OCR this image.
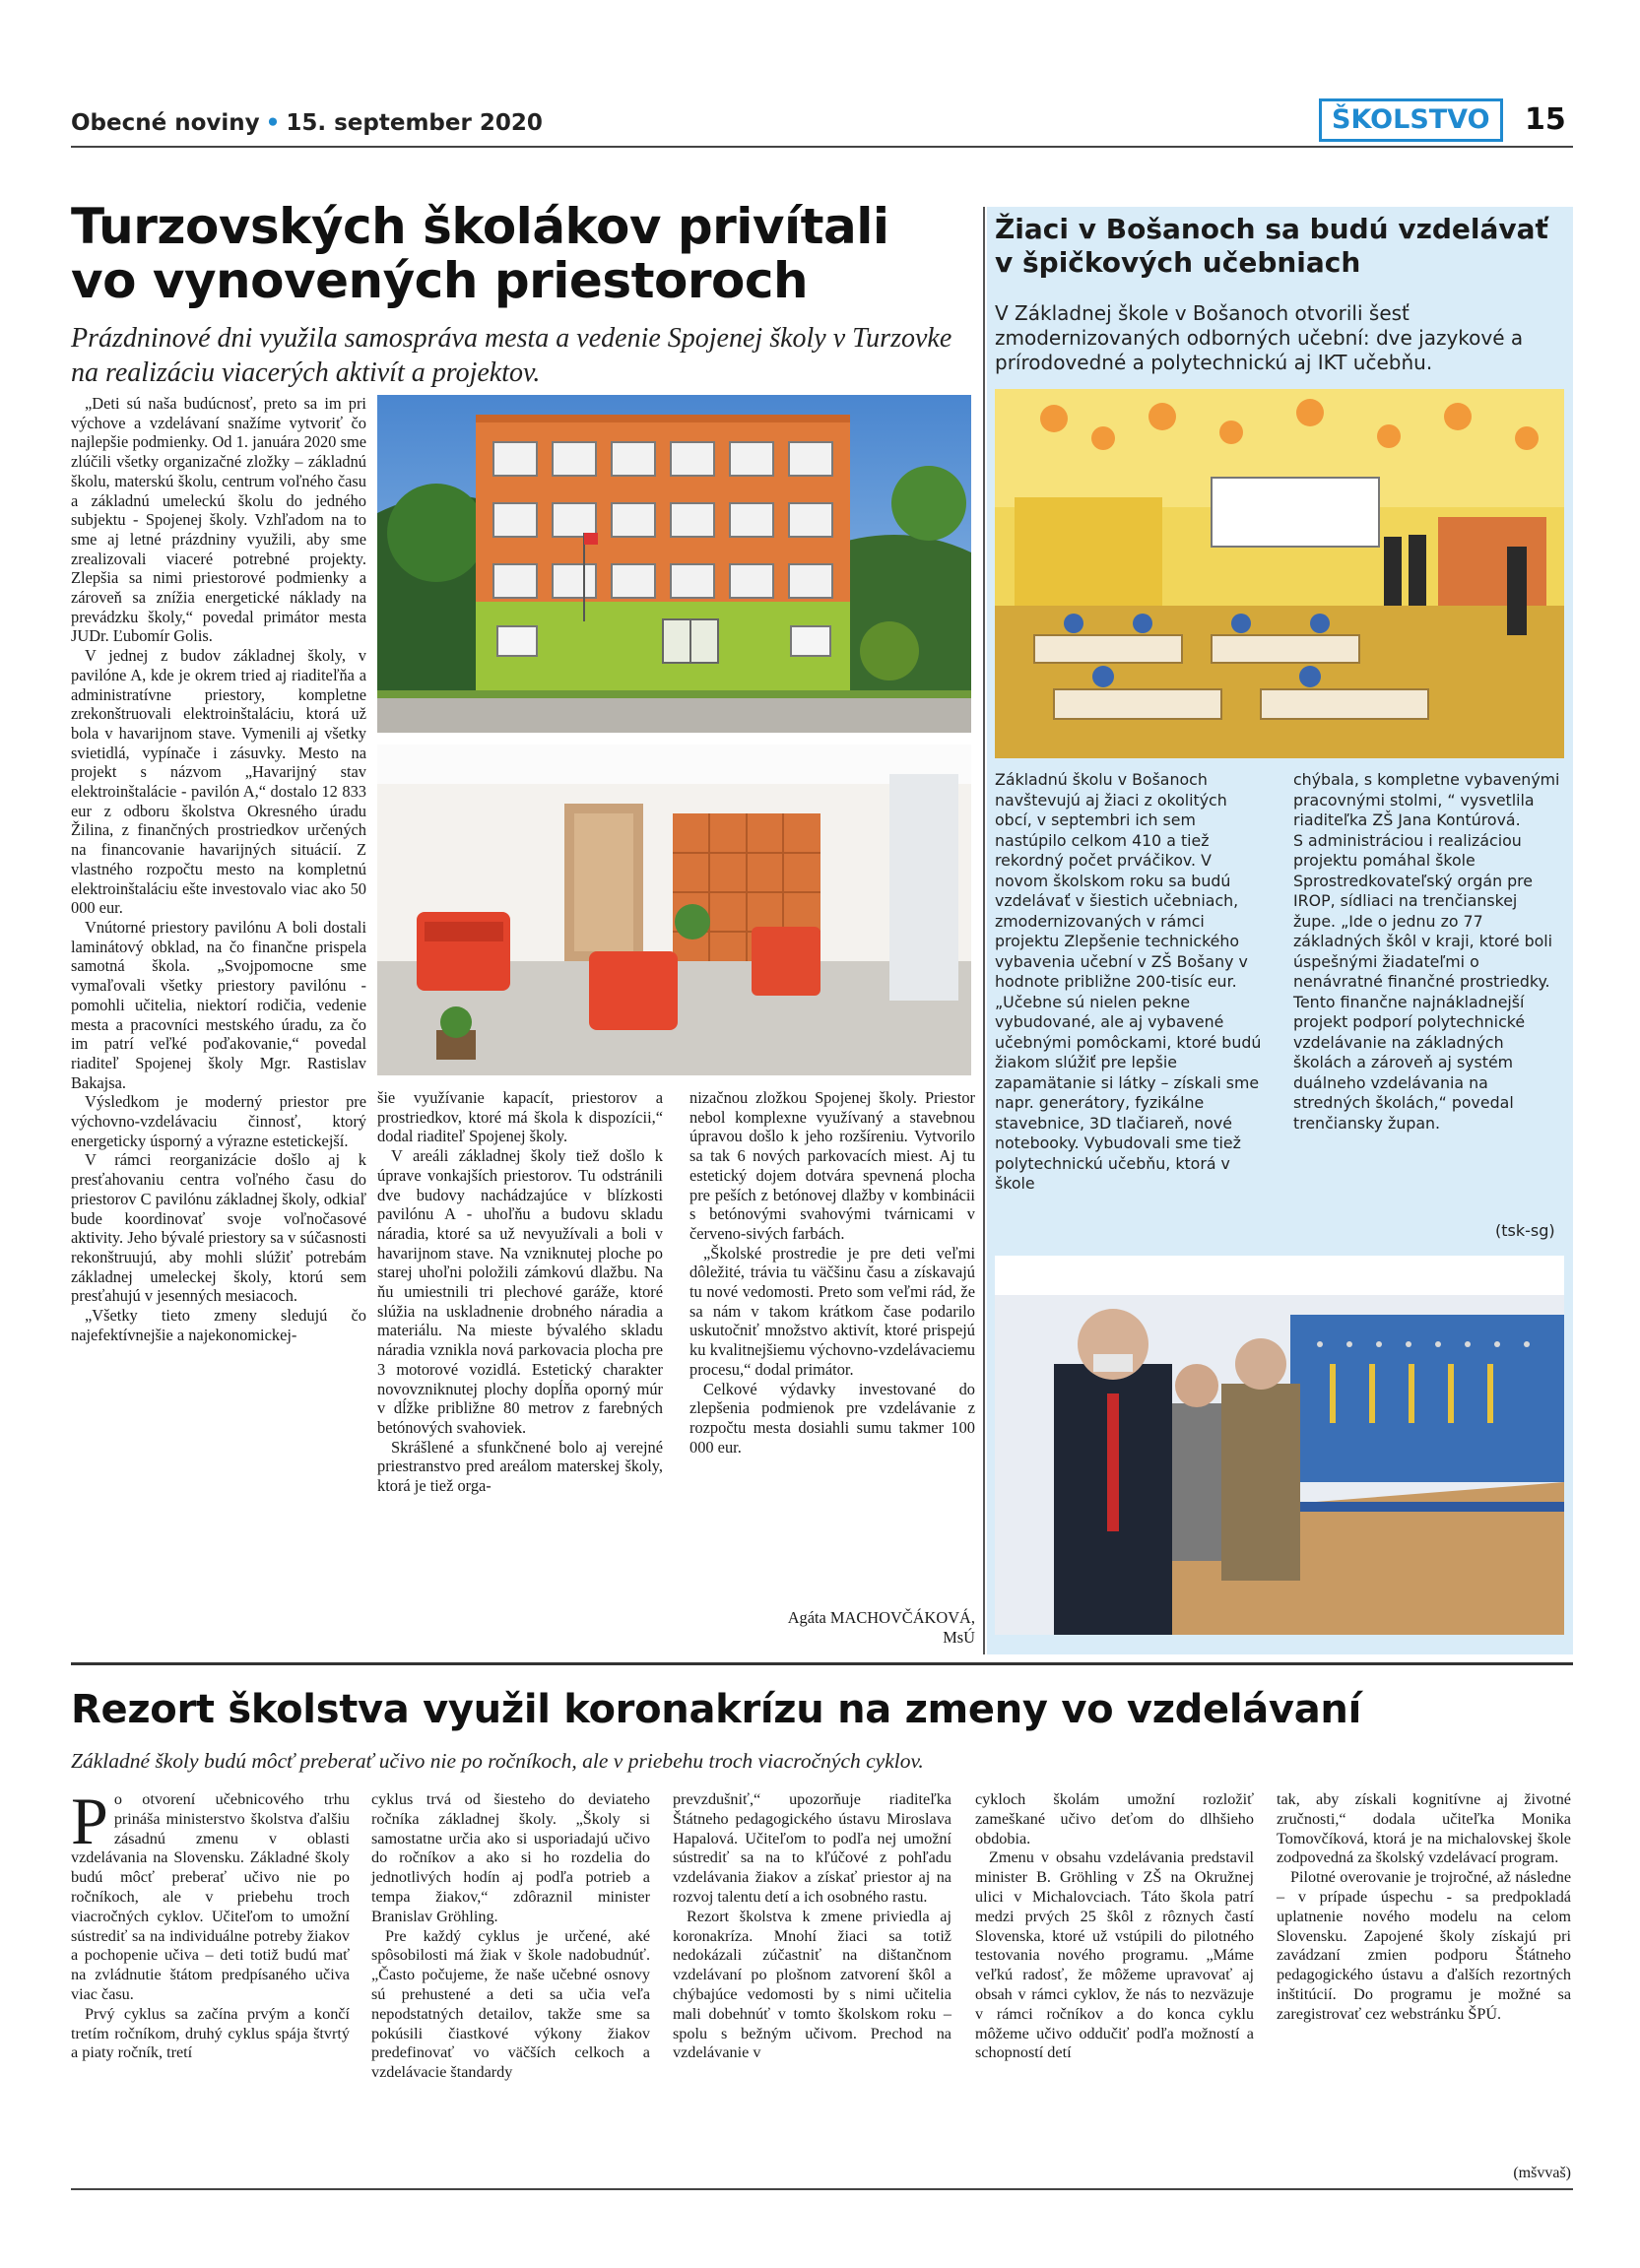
Obecné noviny • 15. september 2020	ŠKOLSTVO	15
Turzovských školákov privítali
vo vynovených priestoroch
Prázdninové dni využila samospráva mesta a vedenie Spojenej školy v Turzovke na realizáciu viacerých aktivít a projektov.

„Deti sú naša budúcnosť, preto sa im pri výchove a vzdelávaní snažíme vytvoriť čo najlepšie podmienky. Od 1. januára 2020 sme zlúčili všetky organizačné zložky – základnú školu, materskú školu, centrum voľného času a základnú umeleckú školu do jedného subjektu - Spojenej školy. Vzhľadom na to sme aj letné prázdniny využili, aby sme zrealizovali viaceré potrebné projekty. Zlepšia sa nimi priestorové podmienky a zároveň sa znížia energetické náklady na prevádzku školy,“ povedal primátor mesta JUDr. Ľubomír Golis.

V jednej z budov základnej školy, v pavilóne A, kde je okrem tried aj riaditeľňa a administratívne priestory, kompletne zrekonštruovali elektroinštaláciu, ktorá už bola v havarijnom stave. Vymenili aj všetky svietidlá, vypínače i zásuvky. Mesto na projekt s názvom „Havarijný stav elektroinštalácie - pavilón A,“ dostalo 12 833 eur z odboru školstva Okresného úradu Žilina, z finančných prostriedkov určených na financovanie havarijných situácií. Z vlastného rozpočtu mesto na kompletnú elektroinštaláciu ešte investovalo viac ako 50 000 eur.

Vnútorné priestory pavilónu A boli dostali laminátový obklad, na čo finančne prispela samotná škola. „Svojpomocne sme vymaľovali všetky priestory pavilónu - pomohli učitelia, niektorí rodičia, vedenie mesta a pracovníci mestského úradu, za čo im patrí veľké poďakovanie,“ povedal riaditeľ Spojenej školy Mgr. Rastislav Bakajsa.

Výsledkom je moderný priestor pre výchovno-vzdelávaciu činnosť, ktorý energeticky úsporný a výrazne estetickejší.

V rámci reorganizácie došlo aj k presťahovaniu centra voľného času do priestorov C pavilónu základnej školy, odkiaľ bude koordinovať svoje voľnočasové aktivity. Jeho bývalé priestory sa v súčasnosti rekonštruujú, aby mohli slúžiť potrebám základnej umeleckej školy, ktorú sem presťahujú v jesenných mesiacoch.

„Všetky tieto zmeny sledujú čo najefektívnejšie a najekonomickej-

šie využívanie kapacít, priestorov a prostriedkov, ktoré má škola k dispozícii,“ dodal riaditeľ Spojenej školy.

V areáli základnej školy tiež došlo k úprave vonkajších priestorov. Tu odstránili dve budovy nachádzajúce v blízkosti pavilónu A - uhoľňu a budovu skladu náradia, ktoré sa už nevyužívali a boli v havarijnom stave. Na vzniknutej ploche po starej uhoľni položili zámkovú dlažbu. Na ňu umiestnili tri plechové garáže, ktoré slúžia na uskladnenie drobného náradia a materiálu. Na mieste bývalého skladu náradia vznikla nová parkovacia plocha pre 3 motorové vozidlá. Estetický charakter novovzniknutej plochy dopĺňa oporný múr v dĺžke približne 80 metrov z farebných betónových svahoviek.

Skrášlené a sfunkčnené bolo aj verejné priestranstvo pred areálom materskej školy, ktorá je tiež orga-

nizačnou zložkou Spojenej školy. Priestor nebol komplexne využívaný a stavebnou úpravou došlo k jeho rozšíreniu. Vytvorilo sa tak 6 nových parkovacích miest. Aj tu estetický dojem dotvára spevnená plocha pre peších z betónovej dlažby v kombinácii s betónovými svahovými tvárnicami v červeno-sivých farbách.

„Školské prostredie je pre deti veľmi dôležité, trávia tu väčšinu času a získavajú tu nové vedomosti. Preto som veľmi rád, že sa nám v takom krátkom čase podarilo uskutočniť množstvo aktivít, ktoré prispejú ku kvalitnejšiemu výchovno-vzdelávaciemu procesu,“ dodal primátor.

Celkové výdavky investované do zlepšenia podmienok pre vzdelávanie z rozpočtu mesta dosiahli sumu takmer 100 000 eur.

Agáta MACHOVČÁKOVÁ,
MsÚ
Žiaci v Bošanoch sa budú vzdelávať
v špičkových učebniach
V Základnej škole v Bošanoch otvorili šesť zmodernizovaných odborných učební: dve jazykové a prírodovedné a polytechnickú aj IKT učebňu.
Základnú školu v Bošanoch navštevujú aj žiaci z okolitých obcí, v septembri ich sem nastúpilo celkom 410 a tiež rekordný počet prváčikov. V novom školskom roku sa budú vzdelávať v šiestich učebniach, zmodernizovaných v rámci projektu Zlepšenie technického vybavenia učební v ZŠ Bošany v hodnote približne 200-tisíc eur. „Učebne sú nielen pekne vybudované, ale aj vybavené učebnými pomôckami, ktoré budú žiakom slúžiť pre lepšie zapamätanie si látky – získali sme napr. generátory, fyzikálne stavebnice, 3D tlačiareň, nové notebooky. Vybudovali sme tiež polytechnickú učebňu, ktorá v škole
chýbala, s kompletne vybavenými pracovnými stolmi, “ vysvetlila riaditeľka ZŠ Jana Kontúrová.
S administráciou i realizáciou projektu pomáhal škole Sprostredkovateľský orgán pre IROP, sídliaci na trenčianskej župe. „Ide o jednu zo 77 základných škôl v kraji, ktoré boli úspešnými žiadateľmi o nenávratné finančné prostriedky. Tento finančne najnákladnejší projekt podporí polytechnické vzdelávanie na základných školách a zároveň aj systém duálneho vzdelávania na stredných školách,“ povedal trenčiansky župan.
(tsk-sg)
Rezort školstva využil koronakrízu na zmeny vo vzdelávaní
Základné školy budú môcť preberať učivo nie po ročníkoch, ale v priebehu troch viacročných cyklov.

Po otvorení učebnicového trhu prináša ministerstvo školstva ďalšiu zásadnú zmenu v oblasti vzdelávania na Slovensku. Základné školy budú môcť preberať učivo nie po ročníkoch, ale v priebehu troch viacročných cyklov. Učiteľom to umožní sústrediť sa na individuálne potreby žiakov a pochopenie učiva – deti totiž budú mať na zvládnutie štátom predpísaného učiva viac času.

Prvý cyklus sa začína prvým a končí tretím ročníkom, druhý cyklus spája štvrtý a piaty ročník, tretí

cyklus trvá od šiesteho do deviateho ročníka základnej školy. „Školy si samostatne určia ako si usporiadajú učivo do ročníkov a ako si ho rozdelia do jednotlivých hodín aj podľa potrieb a tempa žiakov,“ zdôraznil minister Branislav Gröhling.

Pre každý cyklus je určené, aké spôsobilosti má žiak v škole nadobudnúť. „Často počujeme, že naše učebné osnovy sú prehustené a deti sa učia veľa nepodstatných detailov, takže sme sa pokúsili čiastkové výkony žiakov predefinovať vo väčších celkoch a vzdelávacie štandardy

prevzdušniť,“ upozorňuje riaditeľka Štátneho pedagogického ústavu Miroslava Hapalová. Učiteľom to podľa nej umožní sústrediť sa na to kľúčové z pohľadu vzdelávania žiakov a získať priestor aj na rozvoj talentu detí a ich osobného rastu.

Rezort školstva k zmene priviedla aj koronakríza. Mnohí žiaci sa totiž nedokázali zúčastniť na dištančnom vzdelávaní po plošnom zatvorení škôl a chýbajúce vedomosti by s nimi učitelia mali dobehnúť v tomto školskom roku – spolu s bežným učivom. Prechod na vzdelávanie v

cykloch školám umožní rozložiť zameškané učivo deťom do dlhšieho obdobia.

Zmenu v obsahu vzdelávania predstavil minister B. Gröhling v ZŠ na Okružnej ulici v Michalovciach. Táto škola patrí medzi prvých 25 škôl z rôznych častí Slovenska, ktoré už vstúpili do pilotného testovania nového programu. „Máme veľkú radosť, že môžeme upravovať aj obsah v rámci cyklov, že nás to nezväzuje v rámci ročníkov a do konca cyklu môžeme učivo oddučiť podľa možností a schopností detí

tak, aby získali kognitívne aj životné zručnosti,“ dodala učiteľka Monika Tomovčíková, ktorá je na michalovskej škole zodpovedná za školský vzdelávací program.

Pilotné overovanie je trojročné, až následne – v prípade úspechu - sa predpokladá uplatnenie nového modelu na celom Slovensku. Zapojené školy získajú pri zavádzaní zmien podporu Štátneho pedagogického ústavu a ďalších rezortných inštitúcií. Do programu je možné sa zaregistrovať cez webstránku ŠPÚ.

(mšvvaš)
